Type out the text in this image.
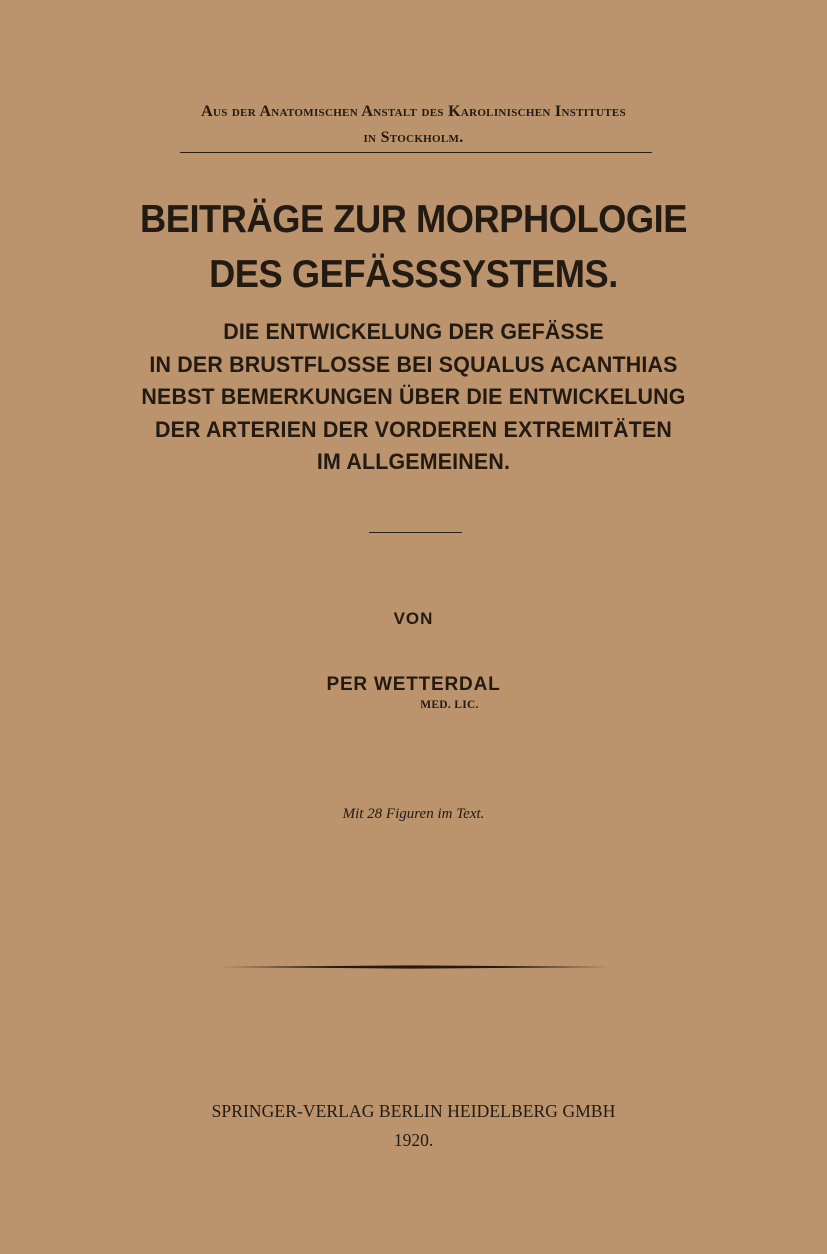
Aus der Anatomischen Anstalt des Karolinischen Institutes
in Stockholm.
BEITRÄGE ZUR MORPHOLOGIE
DES GEFÄSSSYSTEMS.
DIE ENTWICKELUNG DER GEFÄSSE
IN DER BRUSTFLOSSE BEI SQUALUS ACANTHIAS
NEBST BEMERKUNGEN ÜBER DIE ENTWICKELUNG
DER ARTERIEN DER VORDEREN EXTREMITÄTEN
IM ALLGEMEINEN.
VON
PER WETTERDAL
MED. LIC.
Mit 28 Figuren im Text.
SPRINGER-VERLAG BERLIN HEIDELBERG GMBH
1920.
